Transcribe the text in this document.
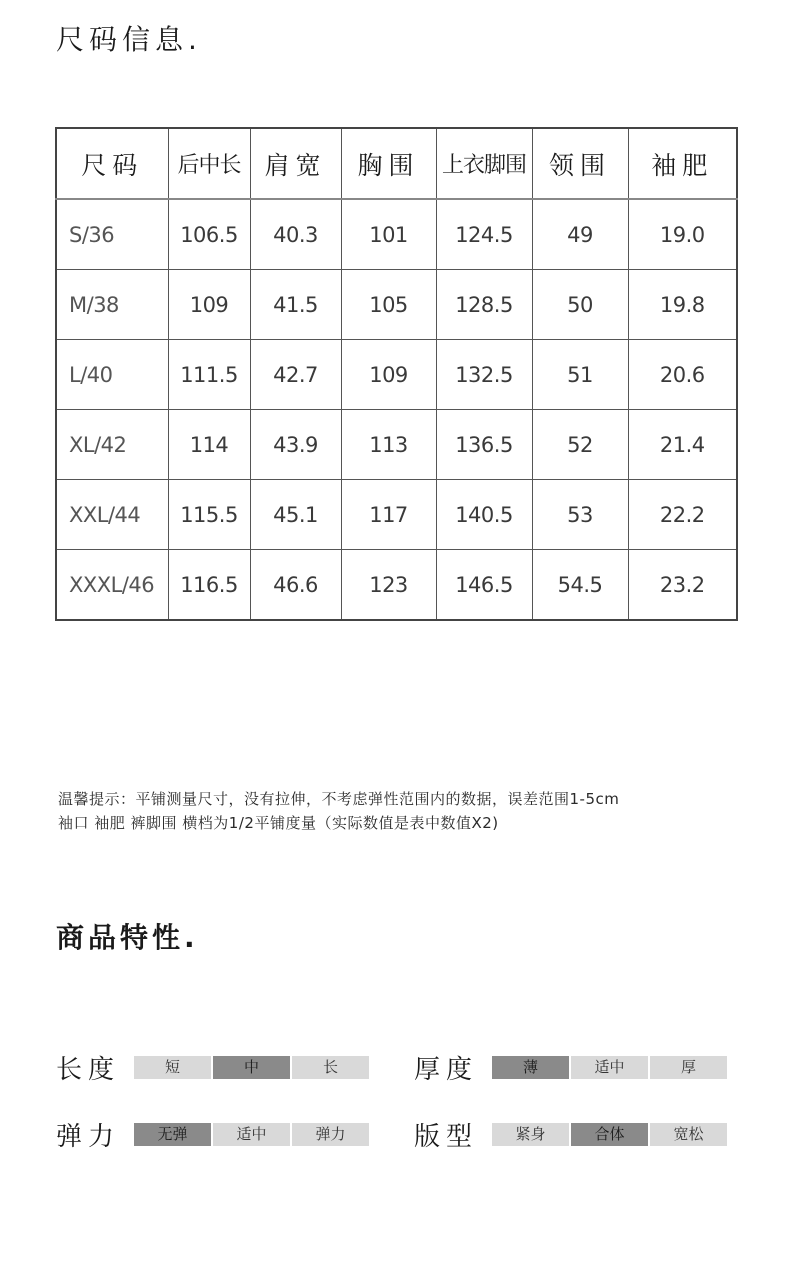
尺码信息.
尺码	后中长	肩宽	胸围	上衣脚围	领围	袖肥
S/36	106.5	40.3	101	124.5	49	19.0
M/38	109	41.5	105	128.5	50	19.8
L/40	111.5	42.7	109	132.5	51	20.6
XL/42	114	43.9	113	136.5	52	21.4
XXL/44	115.5	45.1	117	140.5	53	22.2
XXXL/46	116.5	46.6	123	146.5	54.5	23.2
温馨提示：平铺测量尺寸，没有拉伸，不考虑弹性范围内的数据，误差范围1-5cm
袖口 袖肥 裤脚围 横档为1/2平铺度量（实际数值是表中数值X2)
商品特性.
长度	短	中	长	厚度	薄	适中	厚
弹力	无弹	适中	弹力	版型	紧身	合体	宽松
